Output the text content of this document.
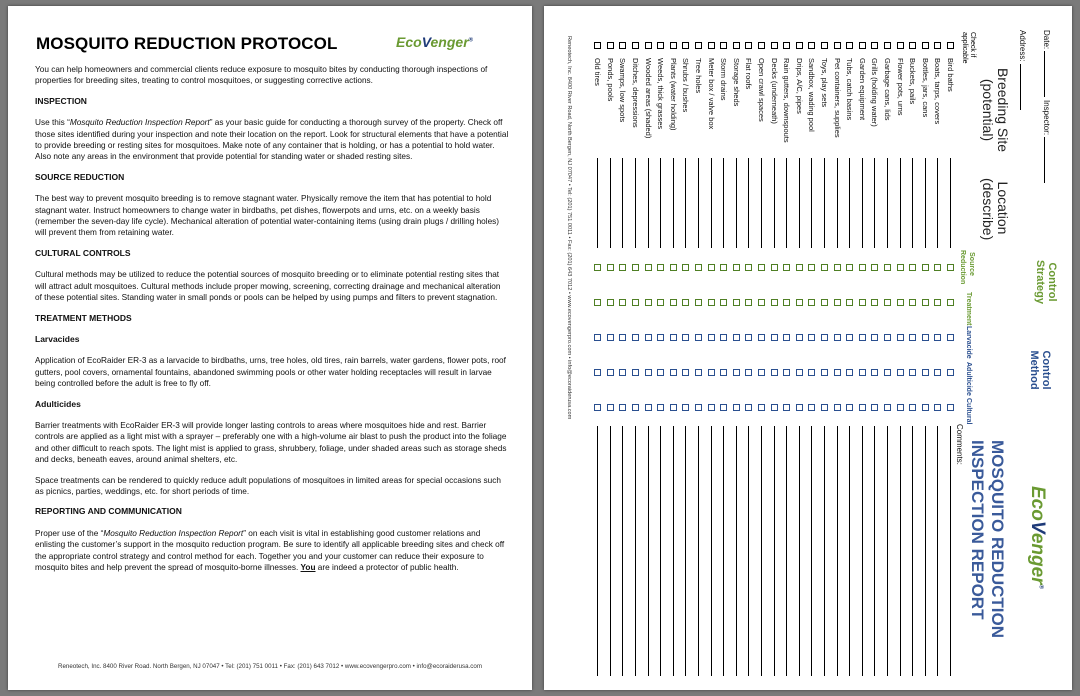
MOSQUITO REDUCTION PROTOCOL	EcoVenger®

You can help homeowners and commercial clients reduce exposure to mosquito bites by conducting thorough inspections of properties for breeding sites, treating to control mosquitoes, or suggesting corrective actions.

INSPECTION

Use this “Mosquito Reduction Inspection Report” as your basic guide for conducting a thorough survey of the property. Check off those sites identified during your inspection and note their location on the report. Look for structural elements that have a potential to provide breeding or resting sites for mosquitoes. Make note of any container that is holding, or has a potential to hold water. Also note any areas in the environment that provide potential for standing water or shaded resting sites.

SOURCE REDUCTION

The best way to prevent mosquito breeding is to remove stagnant water. Physically remove the item that has potential to hold stagnant water. Instruct homeowners to change water in birdbaths, pet dishes, flowerpots and urns, etc. on a weekly basis (remember the seven-day life cycle). Mechanical alteration of potential water-containing items (using drain plugs / drilling holes) will prevent them from retaining water.

CULTURAL CONTROLS

Cultural methods may be utilized to reduce the potential sources of mosquito breeding or to eliminate potential resting sites that will attract adult mosquitoes. Cultural methods include proper mowing, screening, correcting drainage and mechanical alteration of these potential sites. Standing water in small ponds or pools can be helped by using pumps and filters to prevent stagnation.

TREATMENT METHODS
Larvacides

Application of EcoRaider ER-3 as a larvacide to birdbaths, urns, tree holes, old tires, rain barrels, water gardens, flower pots, roof gutters, pool covers, ornamental fountains, abandoned swimming pools or other water holding receptacles will result in larvae being controlled before the adult is free to fly off.

Adulticides

Barrier treatments with EcoRaider ER-3 will provide longer lasting controls to areas where mosquitoes hide and rest. Barrier controls are applied as a light mist with a sprayer – preferably one with a high-volume air blast to push the product into the foliage and other difficult to reach spots. The light mist is applied to grass, shrubbery, foliage, under shaded areas such as storage sheds and decks, beneath eaves, around animal shelters, etc.

Space treatments can be rendered to quickly reduce adult populations of mosquitoes in limited areas for special occasions such as picnics, parties, weddings, etc. for short periods of time.

REPORTING AND COMMUNICATION

Proper use of the “Mosquito Reduction Inspection Report” on each visit is vital in establishing good customer relations and enlisting the customer’s support in the mosquito reduction program. Be sure to identify all applicable breeding sites and check off the appropriate control strategy and control method for each. Together you and your customer can reduce their exposure to mosquito bites and help prevent the spread of mosquito-borne illnesses. You are indeed a protector of public health.

Reneotech, Inc. 8400 River Road. North Bergen, NJ 07047 • Tel: (201) 751 0011 • Fax: (201) 643 7012 • www.ecovengerpro.com • info@ecoraiderusa.com
Date:
Inspector:
Address:
Check if applicable
Breeding Site (potential)
Location (describe)
Control Strategy
Source Reduction
Treatment
Control Method
Larvacide
Adulticide
Cultural
Comments: MOSQUITO REDUCTION
INSPECTION REPORT EcoVenger®
Reneotech, Inc. 8400 River Road, North Bergen, NJ 07047 • Tel: (201) 751 0011 • Fax: (201) 643 7012 • www.ecovengerpro.com • info@ecoraiderusa.com	Bird baths
Boats, tarps, covers
Bottles, jars, cans
Buckets, pails
Flower pots, urns
Garbage cans, lids
Grills (holding water)
Garden equipment
Tubs, catch basins
Pet containers, supplies
Toys, play sets
Sandbox, wading pool
Drips, A/C, pipes
Rain gutters, downspouts
Decks (underneath)
Open crawl spaces
Flat roofs
Storage sheds
Storm drains
Meter box / valve box
Tree holes
Shrubs / bushes
Plants (water holding)
Weeds, thick grasses
Wooded areas (shaded)
Ditches, depressions
Swamps, low spots
Ponds, pools
Old tires
